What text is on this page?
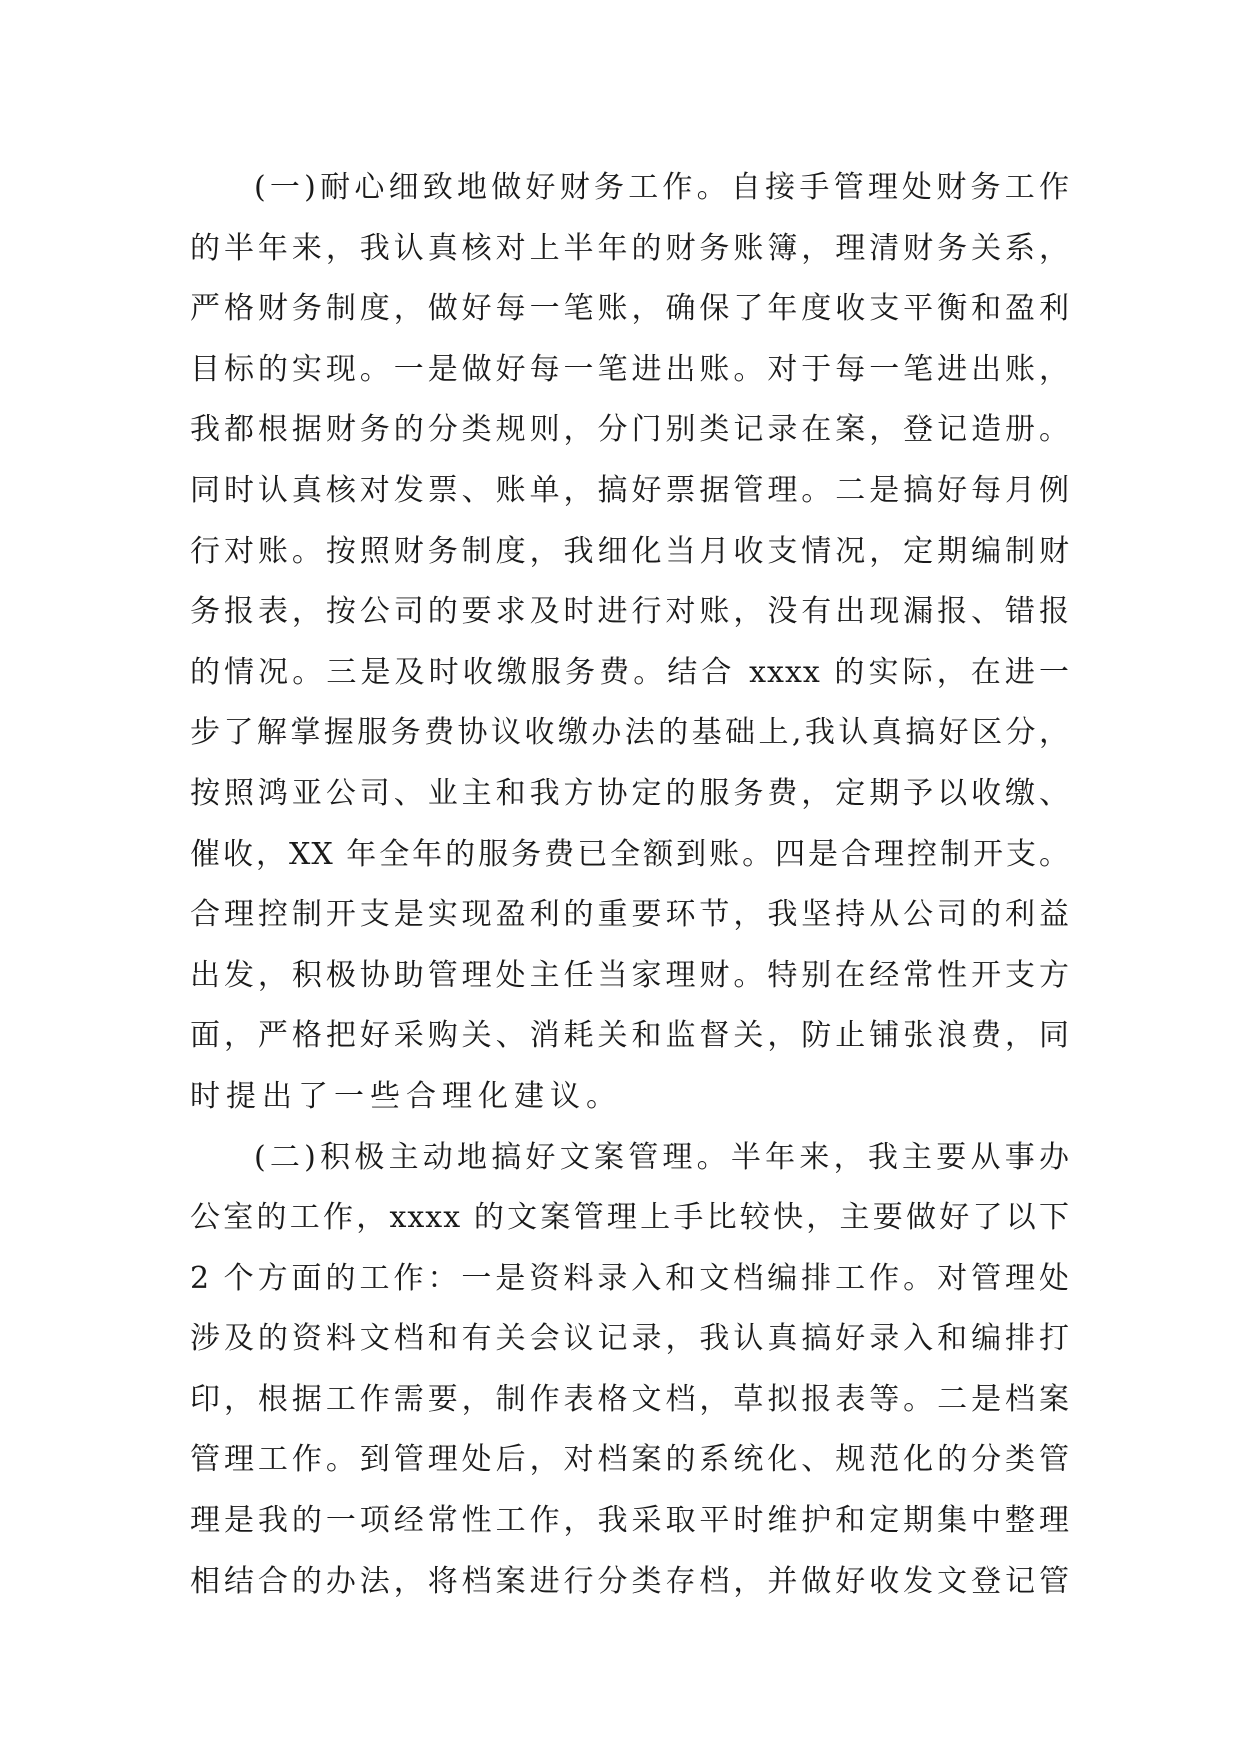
(一)耐心细致地做好财务工作。自接手管理处财务工作
的半年来，我认真核对上半年的财务账簿，理清财务关系，
严格财务制度，做好每一笔账，确保了年度收支平衡和盈利
目标的实现。一是做好每一笔进出账。对于每一笔进出账，
我都根据财务的分类规则，分门别类记录在案，登记造册。
同时认真核对发票、账单，搞好票据管理。二是搞好每月例
行对账。按照财务制度，我细化当月收支情况，定期编制财
务报表，按公司的要求及时进行对账，没有出现漏报、错报
的情况。三是及时收缴服务费。结合 xxxx 的实际，在进一
步了解掌握服务费协议收缴办法的基础上,我认真搞好区分，
按照鸿亚公司、业主和我方协定的服务费，定期予以收缴、
催收，XX 年全年的服务费已全额到账。四是合理控制开支。
合理控制开支是实现盈利的重要环节，我坚持从公司的利益
出发，积极协助管理处主任当家理财。特别在经常性开支方
面，严格把好采购关、消耗关和监督关，防止铺张浪费，同
时提出了一些合理化建议。
(二)积极主动地搞好文案管理。半年来，我主要从事办
公室的工作，xxxx 的文案管理上手比较快，主要做好了以下
2 个方面的工作：一是资料录入和文档编排工作。对管理处
涉及的资料文档和有关会议记录，我认真搞好录入和编排打
印，根据工作需要，制作表格文档，草拟报表等。二是档案
管理工作。到管理处后，对档案的系统化、规范化的分类管
理是我的一项经常性工作，我采取平时维护和定期集中整理
相结合的办法，将档案进行分类存档，并做好收发文登记管
